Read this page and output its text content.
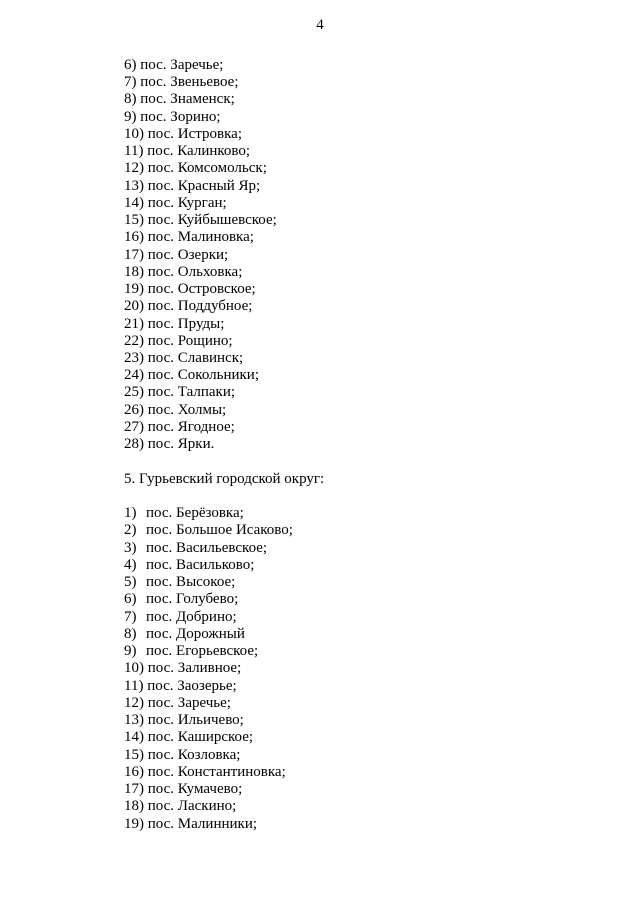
4
6) пос. Заречье;
7) пос. Звеньевое;
8) пос. Знаменск;
9) пос. Зорино;
10) пос. Истровка;
11) пос. Калинково;
12) пос. Комсомольск;
13) пос. Красный Яр;
14) пос. Курган;
15) пос. Куйбышевское;
16) пос. Малиновка;
17) пос. Озерки;
18) пос. Ольховка;
19) пос. Островское;
20) пос. Поддубное;
21) пос. Пруды;
22) пос. Рощино;
23) пос. Славинск;
24) пос. Сокольники;
25) пос. Талпаки;
26) пос. Холмы;
27) пос. Ягодное;
28) пос. Ярки.
5. Гурьевский городской округ:
1) пос. Берёзовка;
2) пос. Большое Исаково;
3) пос. Васильевское;
4) пос. Васильково;
5) пос. Высокое;
6) пос. Голубево;
7) пос. Добрино;
8) пос. Дорожный
9) пос. Егорьевское;
10) пос. Заливное;
11) пос. Заозерье;
12) пос. Заречье;
13) пос. Ильичево;
14) пос. Каширское;
15) пос. Козловка;
16) пос. Константиновка;
17) пос. Кумачево;
18) пос. Ласкино;
19) пос. Малинники;
